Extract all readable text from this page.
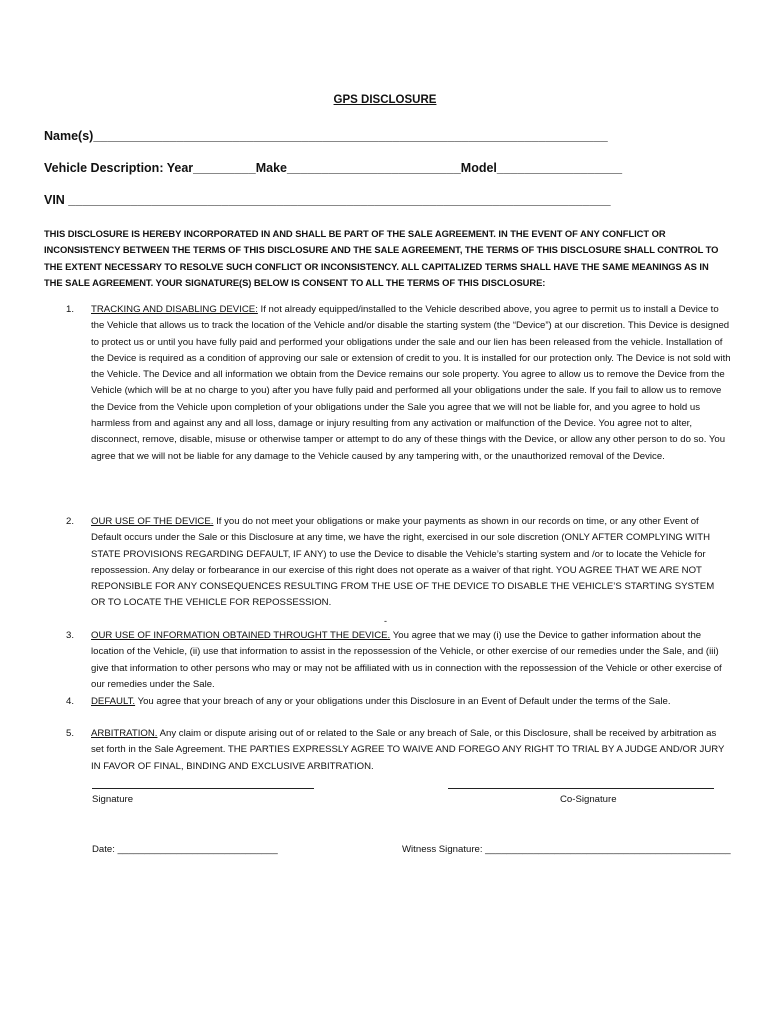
GPS DISCLOSURE
Name(s)__________________________________________________________________________
Vehicle Description: Year_________Make_________________________Model__________________
VIN ______________________________________________________________________________
THIS DISCLOSURE IS HEREBY INCORPORATED IN AND SHALL BE PART OF THE SALE AGREEMENT. IN THE EVENT OF ANY CONFLICT OR INCONSISTENCY BETWEEN THE TERMS OF THIS DISCLOSURE AND THE SALE AGREEMENT, THE TERMS OF THIS DISCLOSURE SHALL CONTROL TO THE EXTENT NECESSARY TO RESOLVE SUCH CONFLICT OR INCONSISTENCY. ALL CAPITALIZED TERMS SHALL HAVE THE SAME MEANINGS AS IN THE SALE AGREEMENT. YOUR SIGNATURE(S) BELOW IS CONSENT TO ALL THE TERMS OF THIS DISCLOSURE:
1.	TRACKING AND DISABLING DEVICE: If not already equipped/installed to the Vehicle described above, you agree to permit us to install a Device to the Vehicle that allows us to track the location of the Vehicle and/or disable the starting system (the “Device”) at our discretion. This Device is designed to protect us or until you have fully paid and performed your obligations under the sale and our lien has been released from the vehicle. Installation of the Device is required as a condition of approving our sale or extension of credit to you. It is installed for our protection only. The Device is not sold with the Vehicle. The Device and all information we obtain from the Device remains our sole property. You agree to allow us to remove the Device from the Vehicle (which will be at no charge to you) after you have fully paid and performed all your obligations under the sale. If you fail to allow us to remove the Device from the Vehicle upon completion of your obligations under the Sale you agree that we will not be liable for, and you agree to hold us harmless from and against any and all loss, damage or injury resulting from any activation or malfunction of the Device. You agree not to alter, disconnect, remove, disable, misuse or otherwise tamper or attempt to do any of these things with the Device, or allow any other person to do so. You agree that we will not be liable for any damage to the Vehicle caused by any tampering with, or the unauthorized removal of the Device.
2.	OUR USE OF THE DEVICE. If you do not meet your obligations or make your payments as shown in our records on time, or any other Event of Default occurs under the Sale or this Disclosure at any time, we have the right, exercised in our sole discretion (ONLY AFTER COMPLYING WITH STATE PROVISIONS REGARDING DEFAULT, IF ANY) to use the Device to disable the Vehicle’s starting system and /or to locate the Vehicle for repossession. Any delay or forbearance in our exercise of this right does not operate as a waiver of that right. YOU AGREE THAT WE ARE NOT REPONSIBLE FOR ANY CONSEQUENCES RESULTING FROM THE USE OF THE DEVICE TO DISABLE THE VEHICLE’S STARTING SYSTEM OR TO LOCATE THE VEHICLE FOR REPOSSESSION.
-
3.	OUR USE OF INFORMATION OBTAINED THROUGHT THE DEVICE. You agree that we may (i) use the Device to gather information about the location of the Vehicle, (ii) use that information to assist in the repossession of the Vehicle, or other exercise of our remedies under the Sale, and (iii) give that information to other persons who may or may not be affiliated with us in connection with the repossession of the Vehicle or other exercise of our remedies under the Sale.
4.	DEFAULT. You agree that your breach of any or your obligations under this Disclosure in an Event of Default under the terms of the Sale.
5.	ARBITRATION. Any claim or dispute arising out of or related to the Sale or any breach of Sale, or this Disclosure, shall be received by arbitration as set forth in the Sale Agreement. THE PARTIES EXPRESSLY AGREE TO WAIVE AND FOREGO ANY RIGHT TO TRIAL BY A JUDGE AND/OR JURY IN FAVOR OF FINAL, BINDING AND EXCLUSIVE ARBITRATION.
Signature	Co-Signature
Date: ______________________________	Witness Signature: ______________________________________________
